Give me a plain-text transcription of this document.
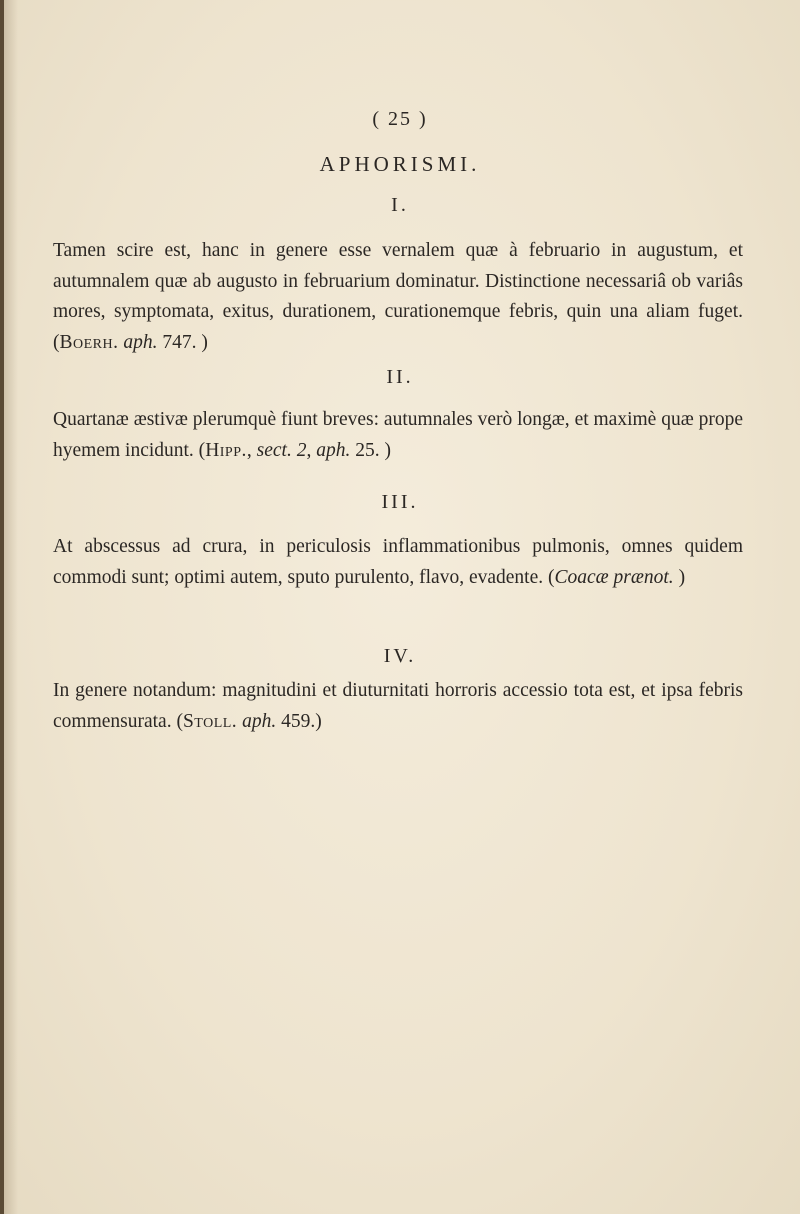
( 25 )
APHORISMI.
I.
Tamen scire est, hanc in genere esse vernalem quæ à februario in augustum, et autumnalem quæ ab augusto in februarium dominatur. Distinctione necessariâ ob variâs mores, symptomata, exitus, durationem, curationemque febris, quin una aliam fuget. (Boerh. aph. 747. )
II.
Quartanæ æstivæ plerumquè fiunt breves: autumnales verò longæ, et maximè quæ prope hyemem incidunt. (Hipp., sect. 2, aph. 25. )
III.
At abscessus ad crura, in periculosis inflammationibus pulmonis, omnes quidem commodi sunt; optimi autem, sputo purulento, flavo, evadente. (Coacæ prænot. )
IV.
In genere notandum: magnitudini et diuturnitati horroris accessio tota est, et ipsa febris commensurata. (Stoll. aph. 459.)
